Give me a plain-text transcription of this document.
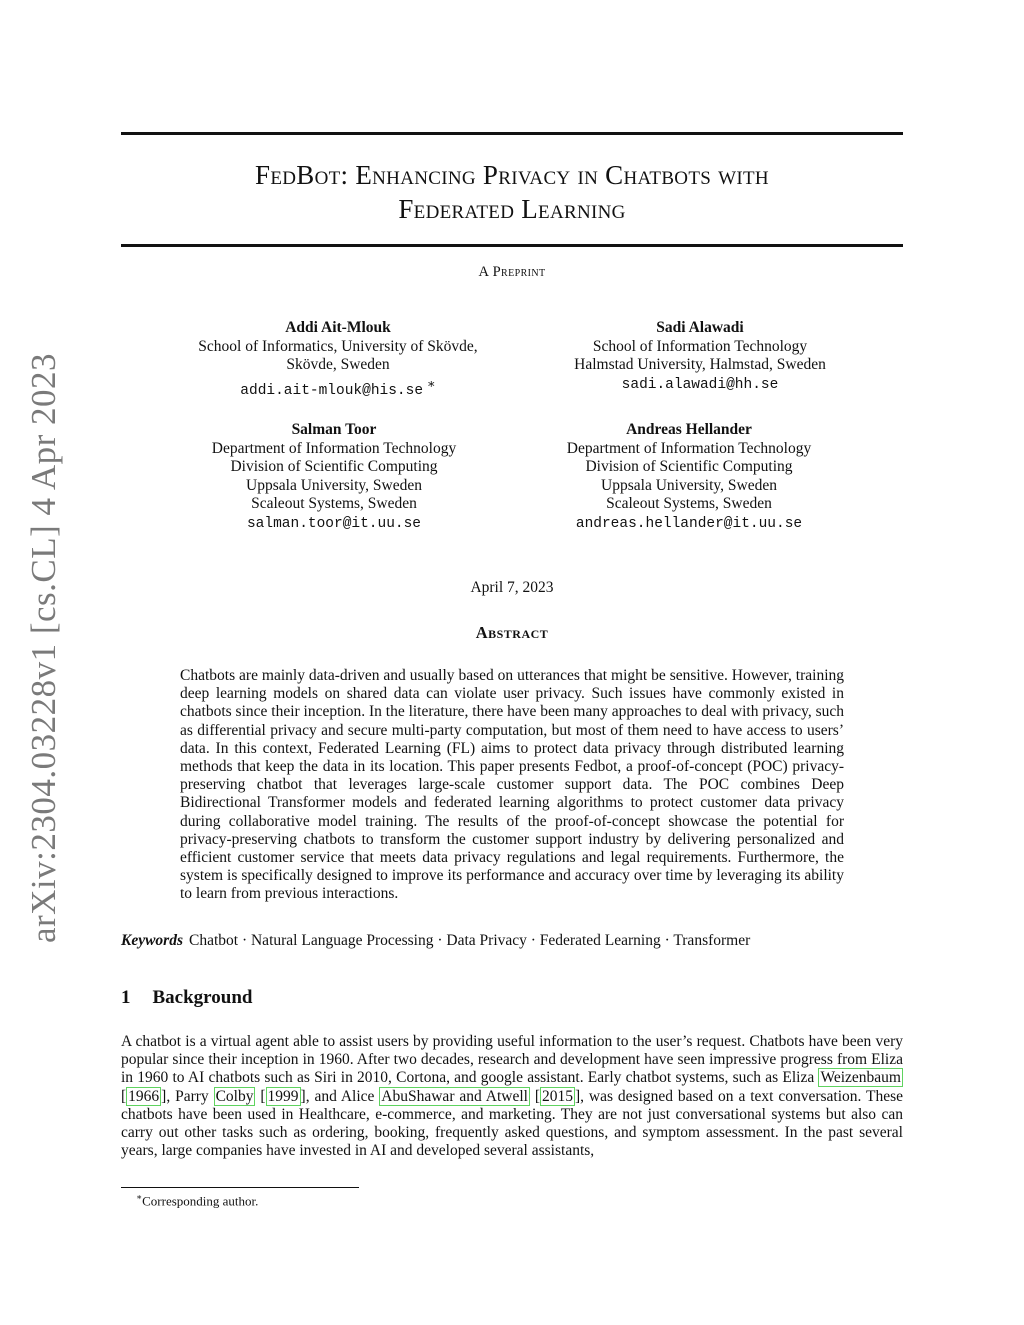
arXiv:2304.03228v1 [cs.CL] 4 Apr 2023
FedBot: Enhancing Privacy in Chatbots with
Federated Learning
A Preprint
Addi Ait-Mlouk
School of Informatics, University of Skövde,
Skövde, Sweden
addi.ait-mlouk@his.se ∗
Sadi Alawadi
School of Information Technology
Halmstad University, Halmstad, Sweden
sadi.alawadi@hh.se
Salman Toor
Department of Information Technology
Division of Scientific Computing
Uppsala University, Sweden
Scaleout Systems, Sweden
salman.toor@it.uu.se
Andreas Hellander
Department of Information Technology
Division of Scientific Computing
Uppsala University, Sweden
Scaleout Systems, Sweden
andreas.hellander@it.uu.se
April 7, 2023
Abstract
Chatbots are mainly data-driven and usually based on utterances that might be sensitive. However, training deep learning models on shared data can violate user privacy. Such issues have commonly existed in chatbots since their inception. In the literature, there have been many approaches to deal with privacy, such as differential privacy and secure multi-party computation, but most of them need to have access to users’ data. In this context, Federated Learning (FL) aims to protect data privacy through distributed learning methods that keep the data in its location. This paper presents Fedbot, a proof-of-concept (POC) privacy-preserving chatbot that leverages large-scale customer support data. The POC combines Deep Bidirectional Transformer models and federated learning algorithms to protect customer data privacy during collaborative model training. The results of the proof-of-concept showcase the potential for privacy-preserving chatbots to transform the customer support industry by delivering personalized and efficient customer service that meets data privacy regulations and legal requirements. Furthermore, the system is specifically designed to improve its performance and accuracy over time by leveraging its ability to learn from previous interactions.
Keywords Chatbot · Natural Language Processing · Data Privacy · Federated Learning · Transformer
1 Background
A chatbot is a virtual agent able to assist users by providing useful information to the user’s request. Chatbots have been very popular since their inception in 1960. After two decades, research and development have seen impressive progress from Eliza in 1960 to AI chatbots such as Siri in 2010, Cortona, and google assistant. Early chatbot systems, such as Eliza Weizenbaum [ 1966 ], Parry Colby [ 1999 ], and Alice AbuShawar and Atwell [ 2015 ], was designed based on a text conversation. These chatbots have been used in Healthcare, e-commerce, and marketing. They are not just conversational systems but also can carry out other tasks such as ordering, booking, frequently asked questions, and symptom assessment. In the past several years, large companies have invested in AI and developed several assistants,
∗Corresponding author.
